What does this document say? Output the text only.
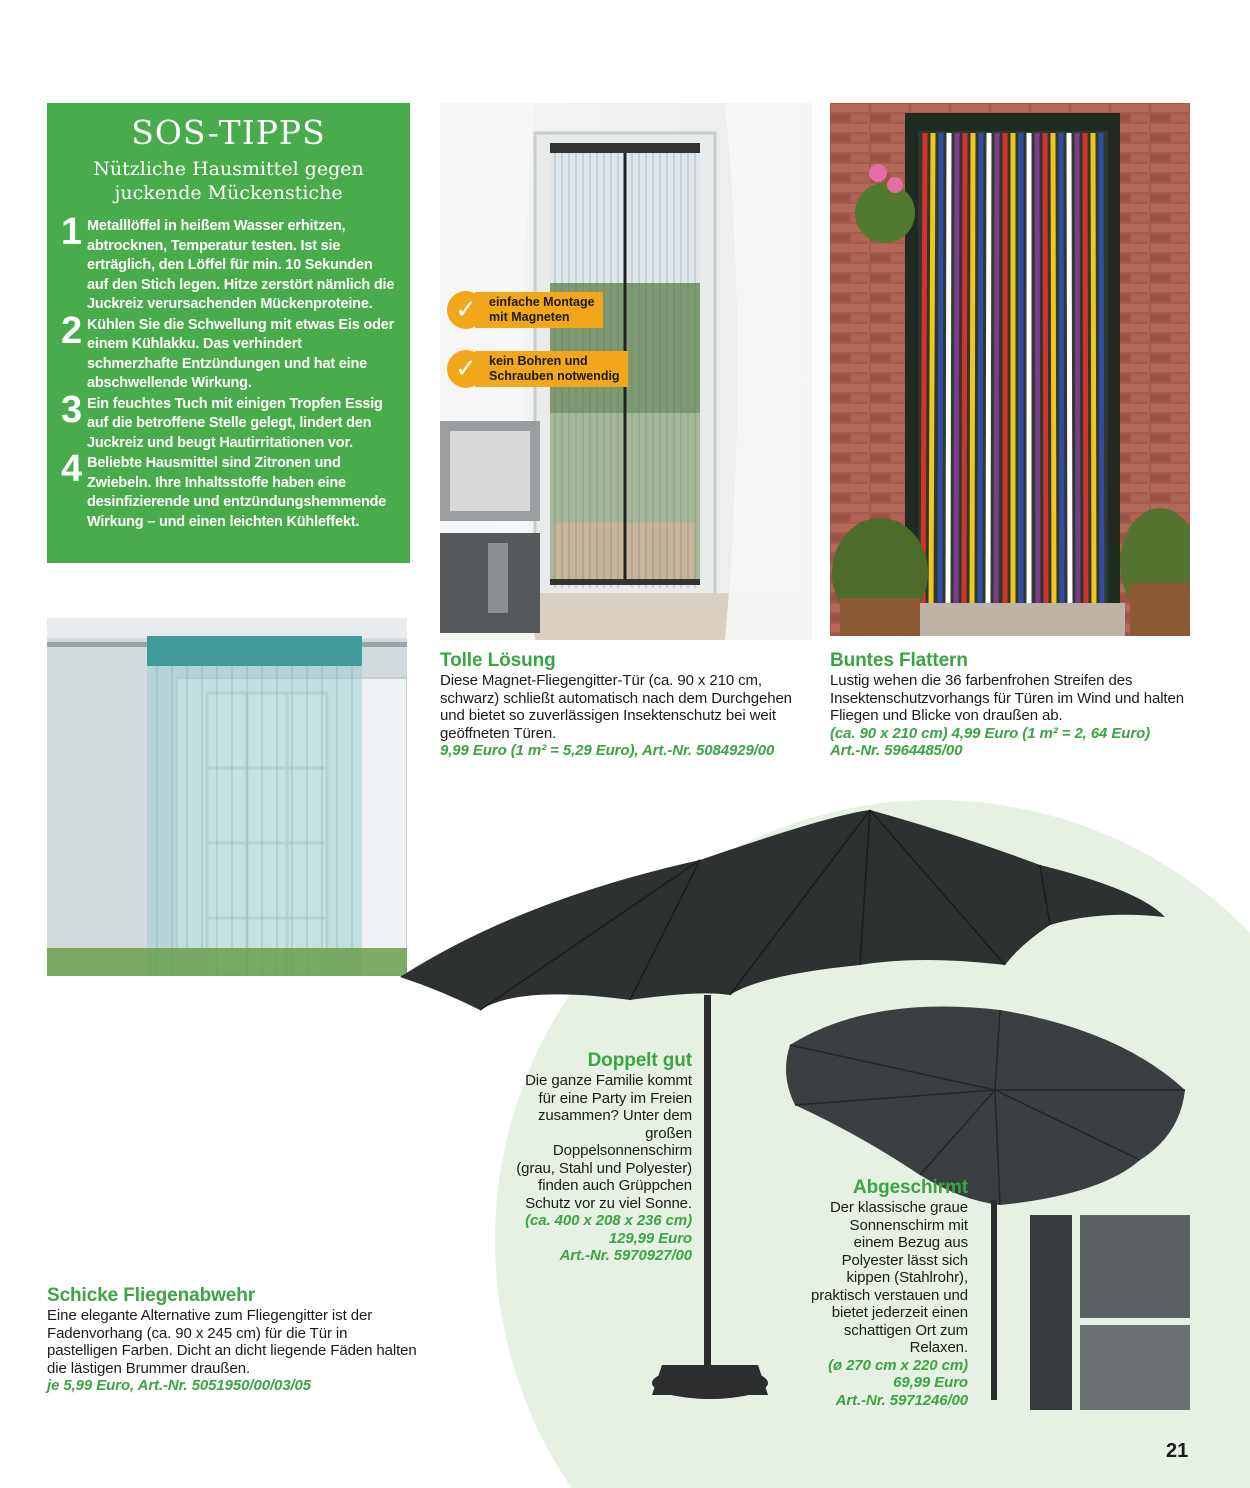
SOS-TIPPS
Nützliche Hausmittel gegen
juckende Mückenstiche
1 Metalllöffel in heißem Wasser erhitzen, abtrocknen, Temperatur testen. Ist sie erträglich, den Löffel für min. 10 Sekunden auf den Stich legen. Hitze zerstört nämlich die Juckreiz verursachenden Mückenproteine.
2 Kühlen Sie die Schwellung mit etwas Eis oder einem Kühlakku. Das verhindert schmerzhafte Entzündungen und hat eine abschwellende Wirkung.
3 Ein feuchtes Tuch mit einigen Tropfen Essig auf die betroffene Stelle gelegt, lindert den Juckreiz und beugt Hautirritationen vor.
4 Beliebte Hausmittel sind Zitronen und Zwiebeln. Ihre Inhaltsstoffe haben eine desinfizierende und entzündungshemmende Wirkung – und einen leichten Kühleffekt.
✓ einfache Montage
mit Magneten
✓ kein Bohren und
Schrauben notwendig
Tolle Lösung

Diese Magnet-Fliegengitter-Tür (ca. 90 x 210 cm, schwarz) schließt automatisch nach dem Durchgehen und bietet so zuverlässigen Insektenschutz bei weit geöffneten Türen.

9,99 Euro (1 m² = 5,29 Euro), Art.-Nr. 5084929/00

Buntes Flattern

Lustig wehen die 36 farbenfrohen Streifen des Insektenschutzvorhangs für Türen im Wind und halten Fliegen und Blicke von draußen ab.

(ca. 90 x 210 cm) 4,99 Euro (1 m² = 2, 64 Euro)

Art.-Nr. 5964485/00

Doppelt gut

Die ganze Familie kommt für eine Party im Freien zusammen? Unter dem großen Doppelsonnenschirm (grau, Stahl und Polyester) finden auch Grüppchen Schutz vor zu viel Sonne.

(ca. 400 x 208 x 236 cm)

129,99 Euro

Art.-Nr. 5970927/00

Abgeschirmt

Der klassische graue Sonnenschirm mit einem Bezug aus Polyester lässt sich kippen (Stahlrohr), praktisch verstauen und bietet jederzeit einen schattigen Ort zum Relaxen.

(ø 270 cm x 220 cm)

69,99 Euro

Art.-Nr. 5971246/00

Schicke Fliegenabwehr

Eine elegante Alternative zum Fliegengitter ist der Fadenvorhang (ca. 90 x 245 cm) für die Tür in pastelligen Farben. Dicht an dicht liegende Fäden halten die lästigen Brummer draußen.

je 5,99 Euro, Art.-Nr. 5051950/00/03/05

21
